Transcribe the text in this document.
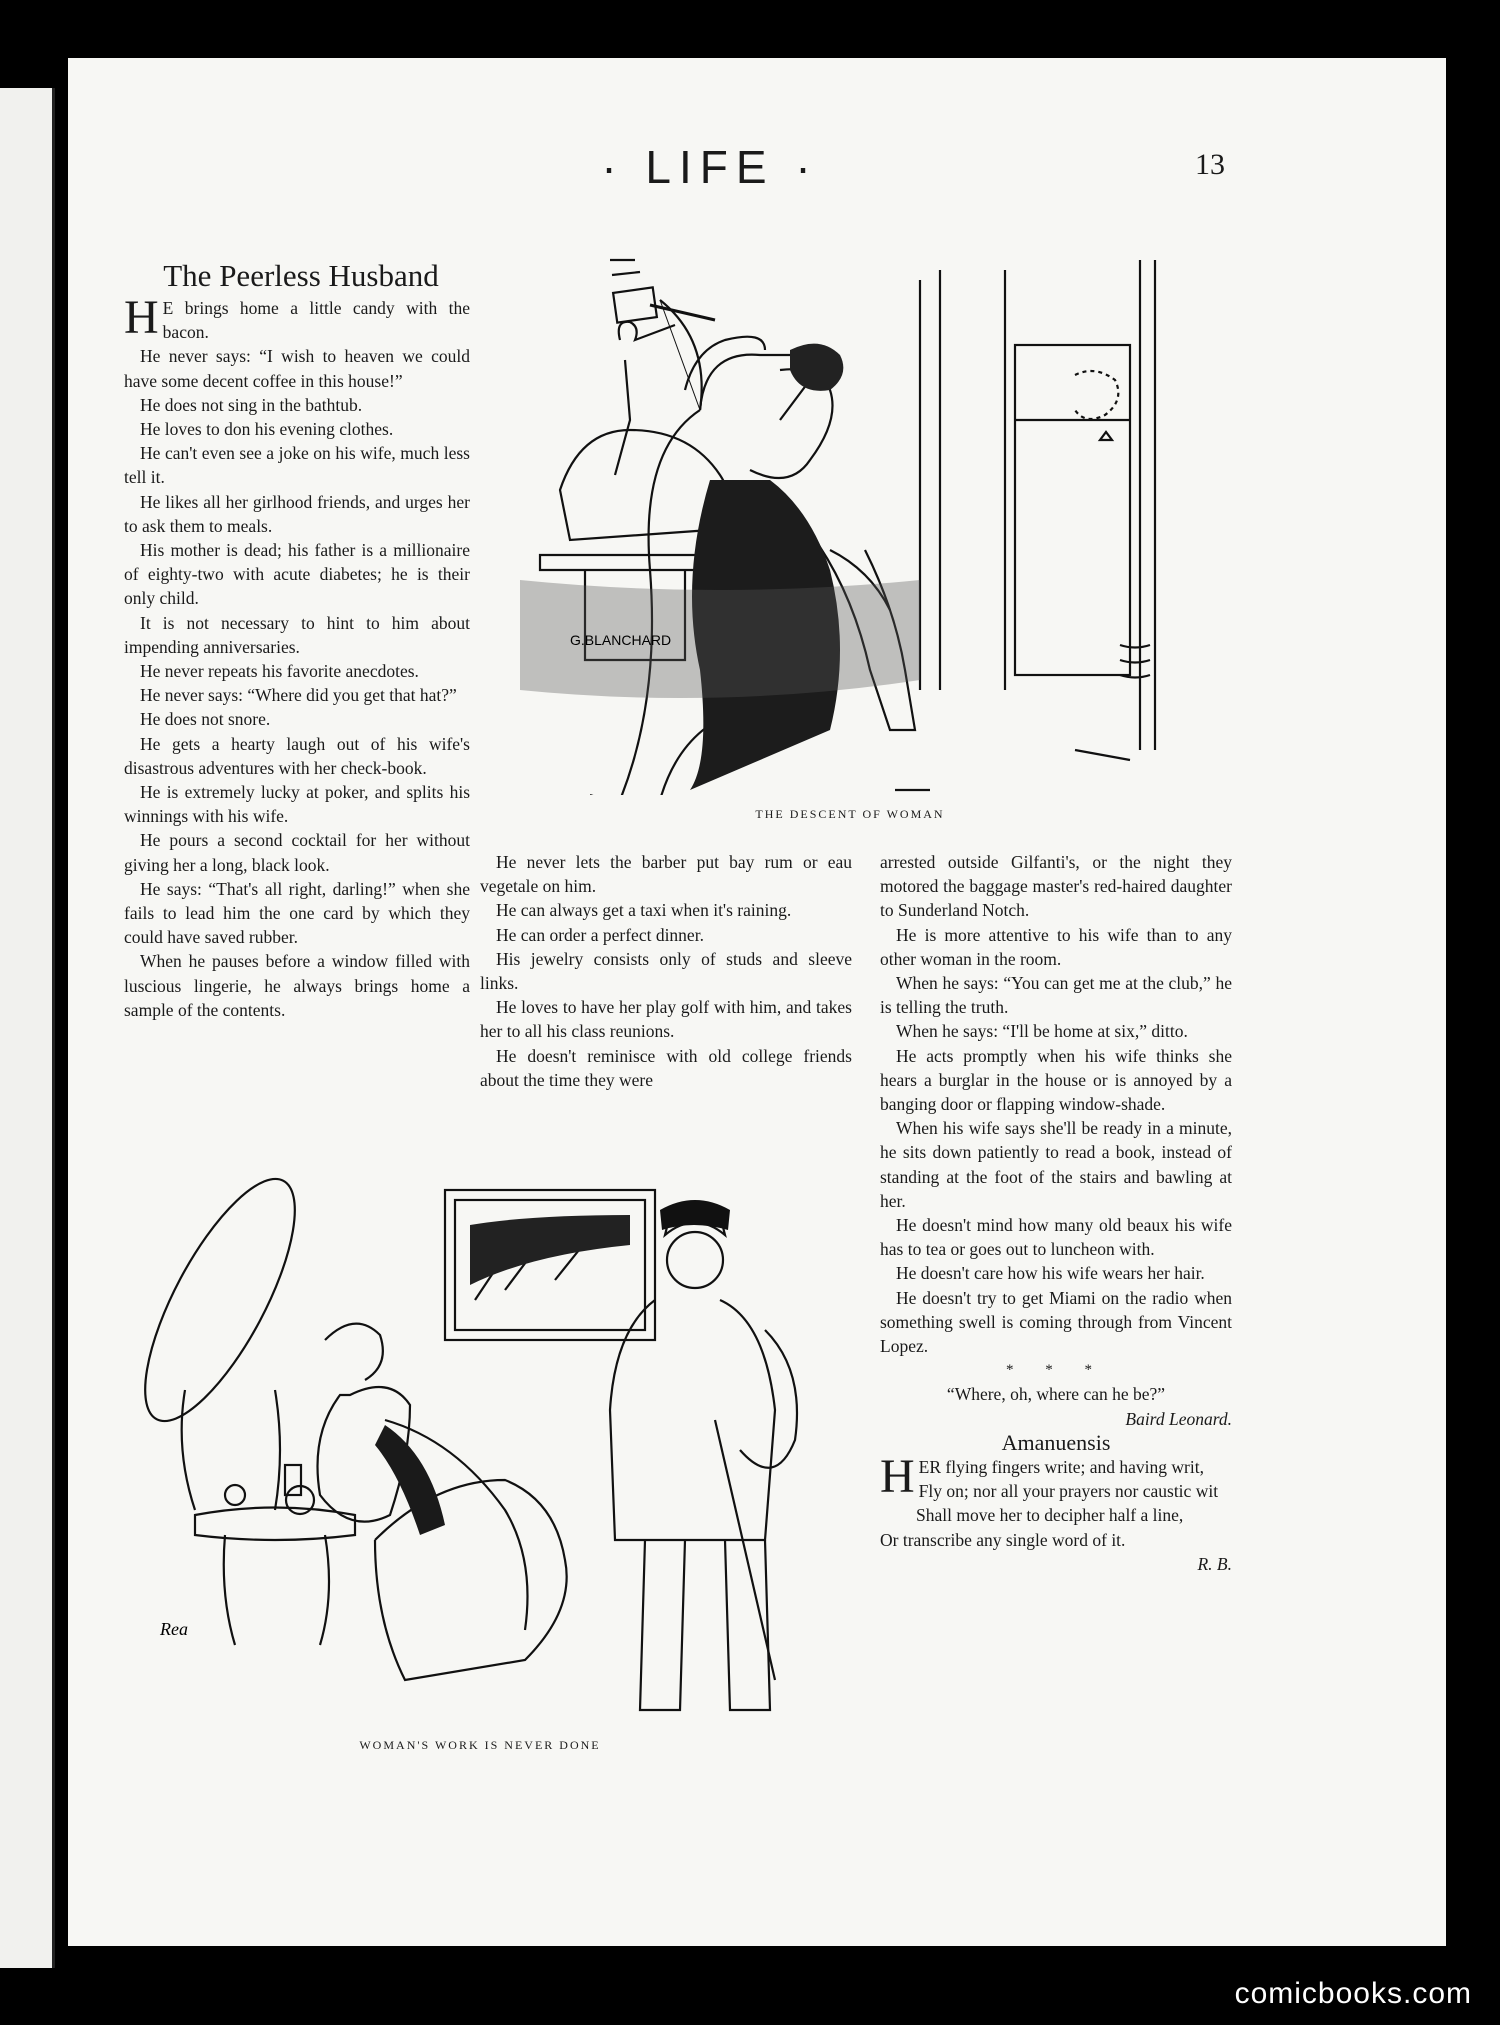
· LIFE ·	13
The Peerless Husband

H E brings home a little candy with the bacon.

He never says: “I wish to heaven we could have some decent coffee in this house!”

He does not sing in the bathtub.

He loves to don his evening clothes.

He can't even see a joke on his wife, much less tell it.

He likes all her girlhood friends, and urges her to ask them to meals.

His mother is dead; his father is a millionaire of eighty-two with acute diabetes; he is their only child.

It is not necessary to hint to him about impending anniversaries.

He never repeats his favorite anecdotes.

He never says: “Where did you get that hat?”

He does not snore.

He gets a hearty laugh out of his wife's disastrous adventures with her check-book.

He is extremely lucky at poker, and splits his winnings with his wife.

He pours a second cocktail for her without giving her a long, black look.

He says: “That's all right, darling!” when she fails to lead him the one card by which they could have saved rubber.

When he pauses before a window filled with luscious lingerie, he always brings home a sample of the contents.

G.BLANCHARD
THE DESCENT OF WOMAN

He never lets the barber put bay rum or eau vegetale on him.

He can always get a taxi when it's raining.

He can order a perfect dinner.

His jewelry consists only of studs and sleeve links.

He loves to have her play golf with him, and takes her to all his class reunions.

He doesn't reminisce with old college friends about the time they were

arrested outside Gilfanti's, or the night they motored the baggage master's red-haired daughter to Sunderland Notch.

He is more attentive to his wife than to any other woman in the room.

When he says: “You can get me at the club,” he is telling the truth.

When he says: “I'll be home at six,” ditto.

He acts promptly when his wife thinks she hears a burglar in the house or is annoyed by a banging door or flapping window-shade.

When his wife says she'll be ready in a minute, he sits down patiently to read a book, instead of standing at the foot of the stairs and bawling at her.

He doesn't mind how many old beaux his wife has to tea or goes out to luncheon with.

He doesn't care how his wife wears her hair.

He doesn't try to get Miami on the radio when something swell is coming through from Vincent Lopez.

* * *

“Where, oh, where can he be?”

Baird Leonard.

Amanuensis

HER flying fingers write; and having writ,

Fly on; nor all your prayers nor caustic wit

Shall move her to decipher half a line,

Or transcribe any single word of it.

R. B.

Rea
WOMAN'S WORK IS NEVER DONE
comicbooks.com
